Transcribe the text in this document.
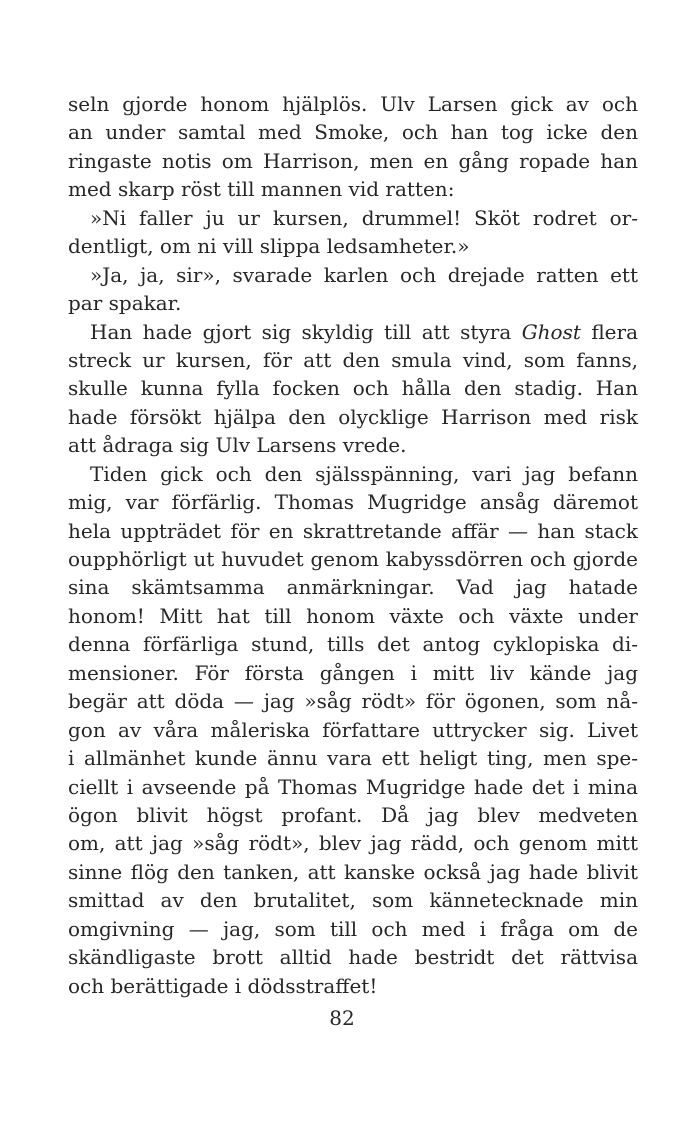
seln gjorde honom hjälplös. Ulv Larsen gick av och
an under samtal med Smoke, och han tog icke den
ringaste notis om Harrison, men en gång ropade han
med skarp röst till mannen vid ratten:
»Ni faller ju ur kursen, drummel! Sköt rodret or-
dentligt, om ni vill slippa ledsamheter.»
»Ja, ja, sir», svarade karlen och drejade ratten ett
par spakar.
Han hade gjort sig skyldig till att styra Ghost flera
streck ur kursen, för att den smula vind, som fanns,
skulle kunna fylla focken och hålla den stadig. Han
hade försökt hjälpa den olycklige Harrison med risk
att ådraga sig Ulv Larsens vrede.
Tiden gick och den själsspänning, vari jag befann
mig, var förfärlig. Thomas Mugridge ansåg däremot
hela uppträdet för en skrattretande affär — han stack
oupphörligt ut huvudet genom kabyssdörren och gjorde
sina skämtsamma anmärkningar. Vad jag hatade
honom! Mitt hat till honom växte och växte under
denna förfärliga stund, tills det antog cyklopiska di-
mensioner. För första gången i mitt liv kände jag
begär att döda — jag »såg rödt» för ögonen, som nå-
gon av våra måleriska författare uttrycker sig. Livet
i allmänhet kunde ännu vara ett heligt ting, men spe-
ciellt i avseende på Thomas Mugridge hade det i mina
ögon blivit högst profant. Då jag blev medveten
om, att jag »såg rödt», blev jag rädd, och genom mitt
sinne flög den tanken, att kanske också jag hade blivit
smittad av den brutalitet, som kännetecknade min
omgivning — jag, som till och med i fråga om de
skändligaste brott alltid hade bestridt det rättvisa
och berättigade i dödsstraffet!
82
